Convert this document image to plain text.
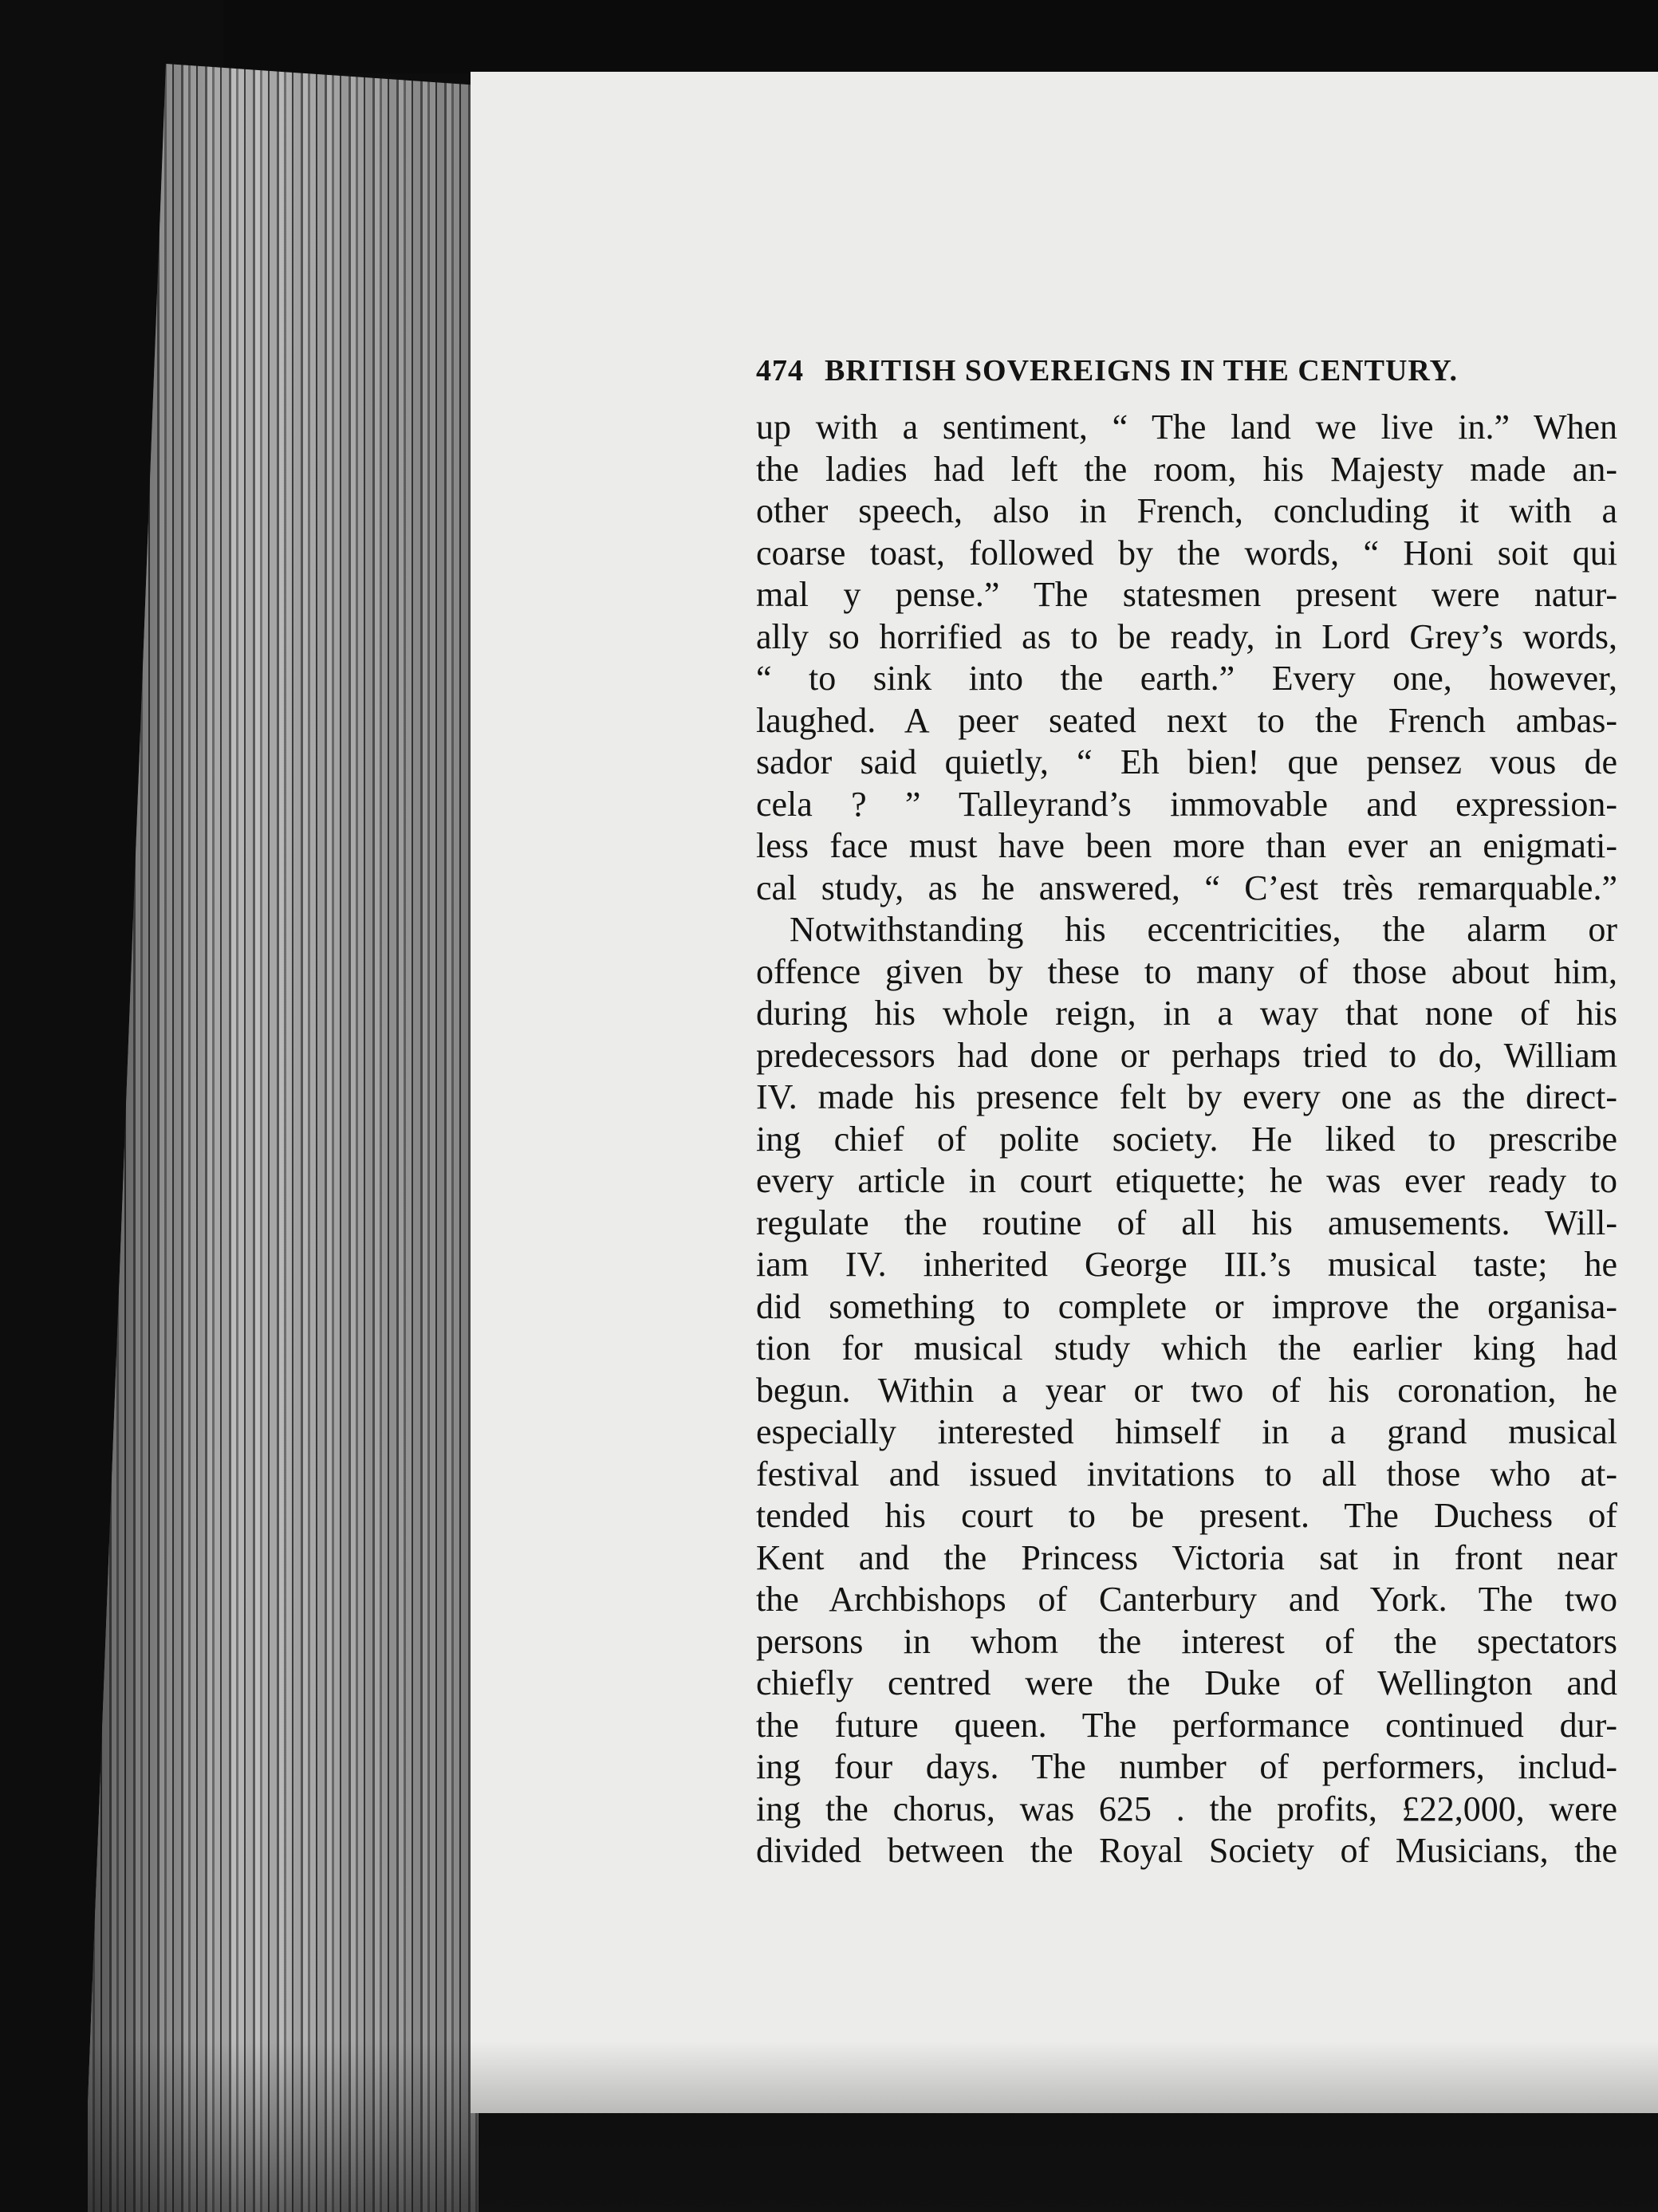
474 BRITISH SOVEREIGNS IN THE CENTURY.
up with a sentiment, “ The land we live in.” When
the ladies had left the room, his Majesty made an-
other speech, also in French, concluding it with a
coarse toast, followed by the words, “ Honi soit qui
mal y pense.” The statesmen present were natur-
ally so horrified as to be ready, in Lord Grey’s words,
“ to sink into the earth.” Every one, however,
laughed. A peer seated next to the French ambas-
sador said quietly, “ Eh bien! que pensez vous de
cela ? ” Talleyrand’s immovable and expression-
less face must have been more than ever an enigmati-
cal study, as he answered, “ C’est très remarquable.”
Notwithstanding his eccentricities, the alarm or
offence given by these to many of those about him,
during his whole reign, in a way that none of his
predecessors had done or perhaps tried to do, William
IV. made his presence felt by every one as the direct-
ing chief of polite society. He liked to prescribe
every article in court etiquette; he was ever ready to
regulate the routine of all his amusements. Will-
iam IV. inherited George III.’s musical taste; he
did something to complete or improve the organisa-
tion for musical study which the earlier king had
begun. Within a year or two of his coronation, he
especially interested himself in a grand musical
festival and issued invitations to all those who at-
tended his court to be present. The Duchess of
Kent and the Princess Victoria sat in front near
the Archbishops of Canterbury and York. The two
persons in whom the interest of the spectators
chiefly centred were the Duke of Wellington and
the future queen. The performance continued dur-
ing four days. The number of performers, includ-
ing the chorus, was 625 . the profits, £22,000, were
divided between the Royal Society of Musicians, the
